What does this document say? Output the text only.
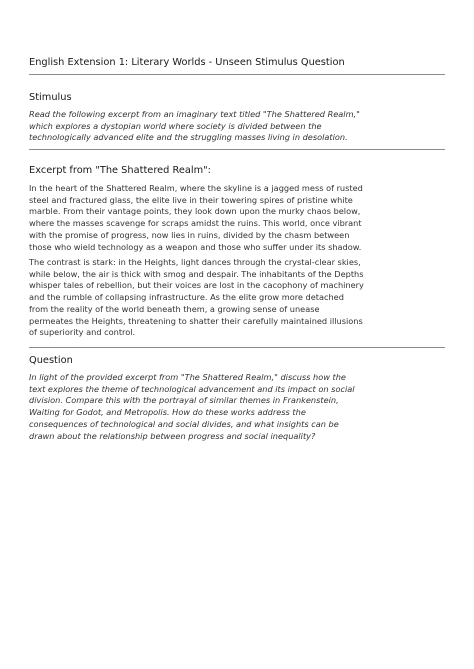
English Extension 1: Literary Worlds - Unseen Stimulus Question
Stimulus
Read the following excerpt from an imaginary text titled "The Shattered Realm,"
which explores a dystopian world where society is divided between the
technologically advanced elite and the struggling masses living in desolation.
Excerpt from "The Shattered Realm":
In the heart of the Shattered Realm, where the skyline is a jagged mess of rusted
steel and fractured glass, the elite live in their towering spires of pristine white
marble. From their vantage points, they look down upon the murky chaos below,
where the masses scavenge for scraps amidst the ruins. This world, once vibrant
with the promise of progress, now lies in ruins, divided by the chasm between
those who wield technology as a weapon and those who suffer under its shadow.
The contrast is stark: in the Heights, light dances through the crystal-clear skies,
while below, the air is thick with smog and despair. The inhabitants of the Depths
whisper tales of rebellion, but their voices are lost in the cacophony of machinery
and the rumble of collapsing infrastructure. As the elite grow more detached
from the reality of the world beneath them, a growing sense of unease
permeates the Heights, threatening to shatter their carefully maintained illusions
of superiority and control.
Question
In light of the provided excerpt from "The Shattered Realm," discuss how the
text explores the theme of technological advancement and its impact on social
division. Compare this with the portrayal of similar themes in Frankenstein,
Waiting for Godot, and Metropolis. How do these works address the
consequences of technological and social divides, and what insights can be
drawn about the relationship between progress and social inequality?
